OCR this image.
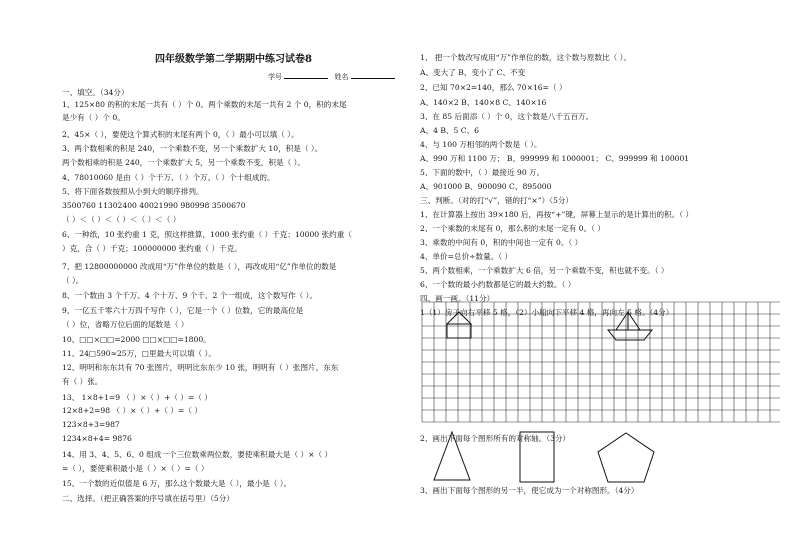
四年级数学第二学期期中练习试卷8
学号	姓名
一、填空。（34分）
1、125×80 的积的末尾一共有（ ）个 0。两个乘数的末尾一共有 2 个 0，积的末尾
是少有（ ）个 0。
2、45×（ ），要使这个算式积的末尾有两个 0，（ ）最小可以填（ ）。
3、两个数相乘的积是 240，一个乘数不变，另一个乘数扩大 10，积是（ ）。
两个数相乘的积是 240，一个乘数扩大 5，另一个乘数不变，积是（ ）。
4、78010060 是由（ ）个千万、（ ）个万、（ ）个十组成的。
5、将下面各数按照从小到大的顺序排列。
3500760 11302400 40021990 980998 3500670
（ ）＜（ ）＜（ ）＜（ ）＜（ ）
6、一种纸，10 张约重 1 克，照这样推算，1000 张约重（ ）千克；10000 张约重（
）克，合（ ）千克；100000000 张约重（ ）千克。
7、把 12800000000 改成用“万”作单位的数是（ ），再改成用“亿”作单位的数是
（ ）。
8、一个数由 3 个千万、4 个十万、9 个千、2 个一组成，这个数写作（ ）。
9、一亿五千零六十万四千写作（ ），它是一个（ ）位数，它的最高位是
（ ）位，省略万位后面的尾数是（ ）
10、□□×□□=2000 □□×□□=1800。
11、24□590≈25万，□里最大可以填（ ）。
12、明明和东东共有 70 张图片，明明比东东少 10 张，明明有（ ）张图片，东东
有（ ）张。
13、 1×8+1=9 （ ）×（ ）+（ ）=（ ）
12×8+2=98 （ ）×（ ）+（ ）=（ ）
123×8+3=987
1234×8+4= 9876
14、用 3、4、5、6、0 组成一个三位数乘两位数，要使乘积最大是（ ）×（ ）
=（ ），要使乘积最小是（ ）×（ ）=（ ）
15、一个数的近似值是 6 万，那么这个数最大是（ ），最小是（ ）。
二、选择。（把正确答案的序号填在括号里）（5分）
1、 把一个数改写成用“万”作单位的数，这个数与原数比（ ）。
A、变大了 B、变小了 C、不变
2、已知 70×2=140，那么 70×16=（ ）
A、140×2 B、140×8 C、140×16
3、在 85 后面添（ ）个 0，这个数是八千五百万。
A、4 B、5 C、6
4、与 100 万相邻的两个数是（ ）。
A、990 万和 1100 万； B、999999 和 1000001； C、999999 和 100001
5、下面的数中，（ ）最接近 90 万。
A、901000 B、900090 C、895000
三、判断。（对的打“√”，错的打“×”）（5分）
1、在计算器上按出 39×180 后，再按“+”键，屏幕上显示的是计算出的积。（ ）
2、一个乘数的末尾有 0，那么积的末尾一定有 0。（ ）
3、乘数的中间有 0，积的中间也一定有 0。（ ）
4、单价=总价÷数量。（ ）
5、两个数相乘，一个乘数扩大 6 倍，另一个乘数不变，积也就不变。（ ）
6、一个数的最小约数都是它的最大约数。（ ）
四、画一画。（11分）
1（1）房子向右平移 5 格，（2）小船向下平移 4 格，再向左 5 格。（4分）
2、画出下面每个图形所有的对称轴。（3分）
3、画出下面每个图形的另一半，使它成为一个对称图形。（4分）
